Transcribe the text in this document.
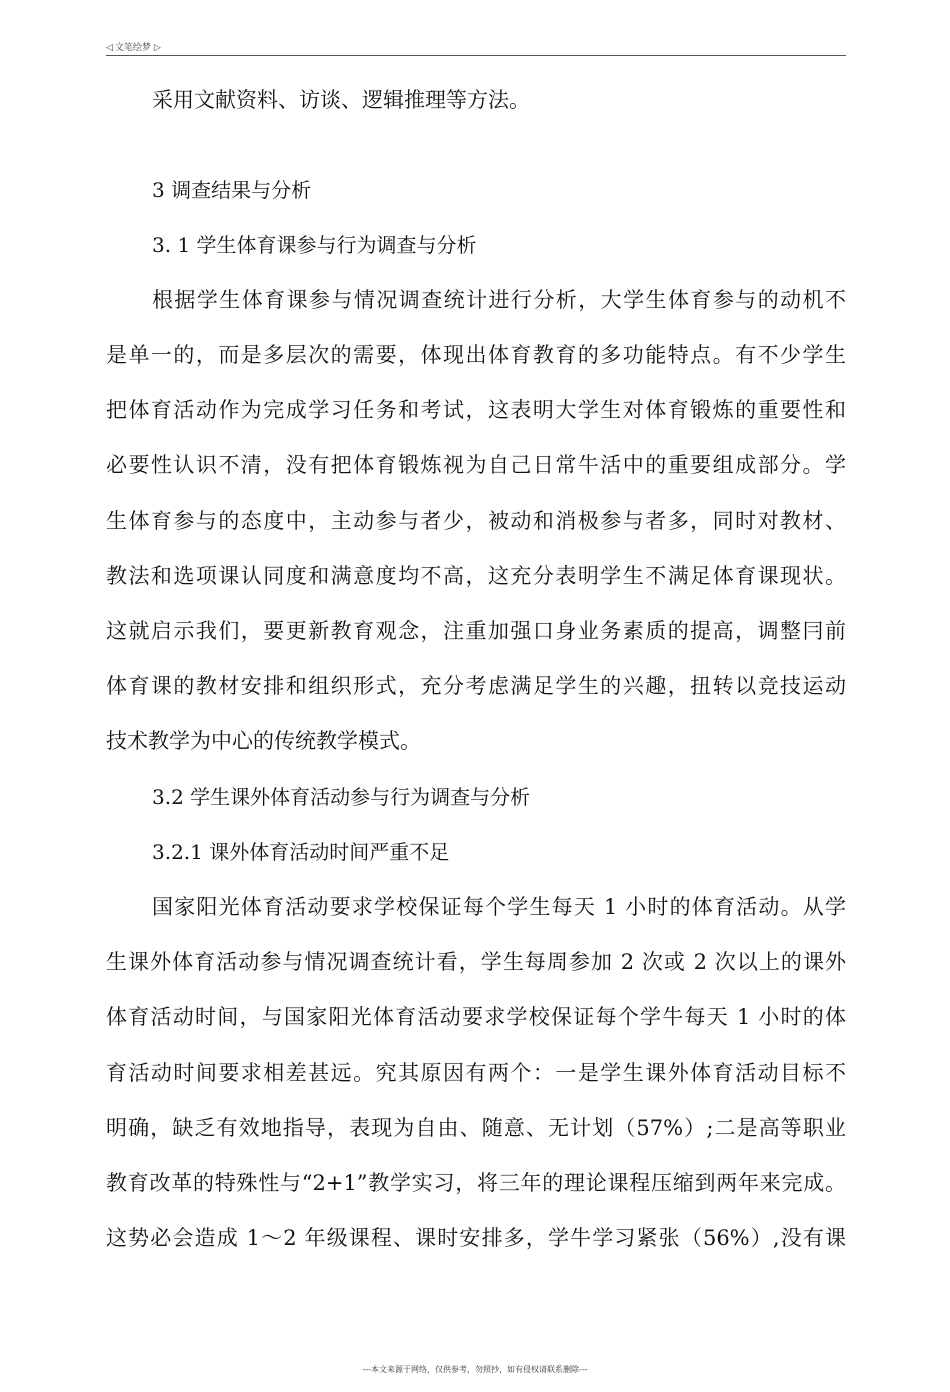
◁ 文笔绘梦 ▷
采用文献资料、访谈、逻辑推理等方法。
3 调查结果与分析
3. 1 学生体育课参与行为调查与分析
根据学生体育课参与情况调查统计进行分析，大学生体育参与的动机不
是单一的，而是多层次的需要，体现出体育教育的多功能特点。有不少学生
把体育活动作为完成学习任务和考试，这表明大学生对体育锻炼的重要性和
必要性认识不清，没有把体育锻炼视为自己日常牛活中的重要组成部分。学
生体育参与的态度中，主动参与者少，被动和消极参与者多，同时对教材、
教法和选项课认同度和满意度均不高，这充分表明学生不满足体育课现状。
这就启示我们，要更新教育观念，注重加强口身业务素质的提高，调整冃前
体育课的教材安排和组织形式，充分考虑满足学生的兴趣，扭转以竞技运动
技术教学为中心的传统教学模式。
3.2 学生课外体育活动参与行为调查与分析
3.2.1 课外体育活动时间严重不足
国家阳光体育活动要求学校保证每个学生每天 1 小时的体育活动。从学
生课外体育活动参与情况调查统计看，学生每周参加 2 次或 2 次以上的课外
体育活动时间，与国家阳光体育活动要求学校保证每个学牛每天 1 小时的体
育活动时间要求相差甚远。究其原因有两个：一是学生课外体育活动目标不
明确，缺乏有效地指导，表现为自由、随意、无计划（57%）;二是高等职业
教育改革的特殊性与“2+1”教学实习，将三年的理论课程压缩到两年来完成。
这势必会造成 1〜2 年级课程、课时安排多，学牛学习紧张（56%）,没有课
---本文来源于网络，仅供参考，勿照抄，如有侵权请联系删除---
